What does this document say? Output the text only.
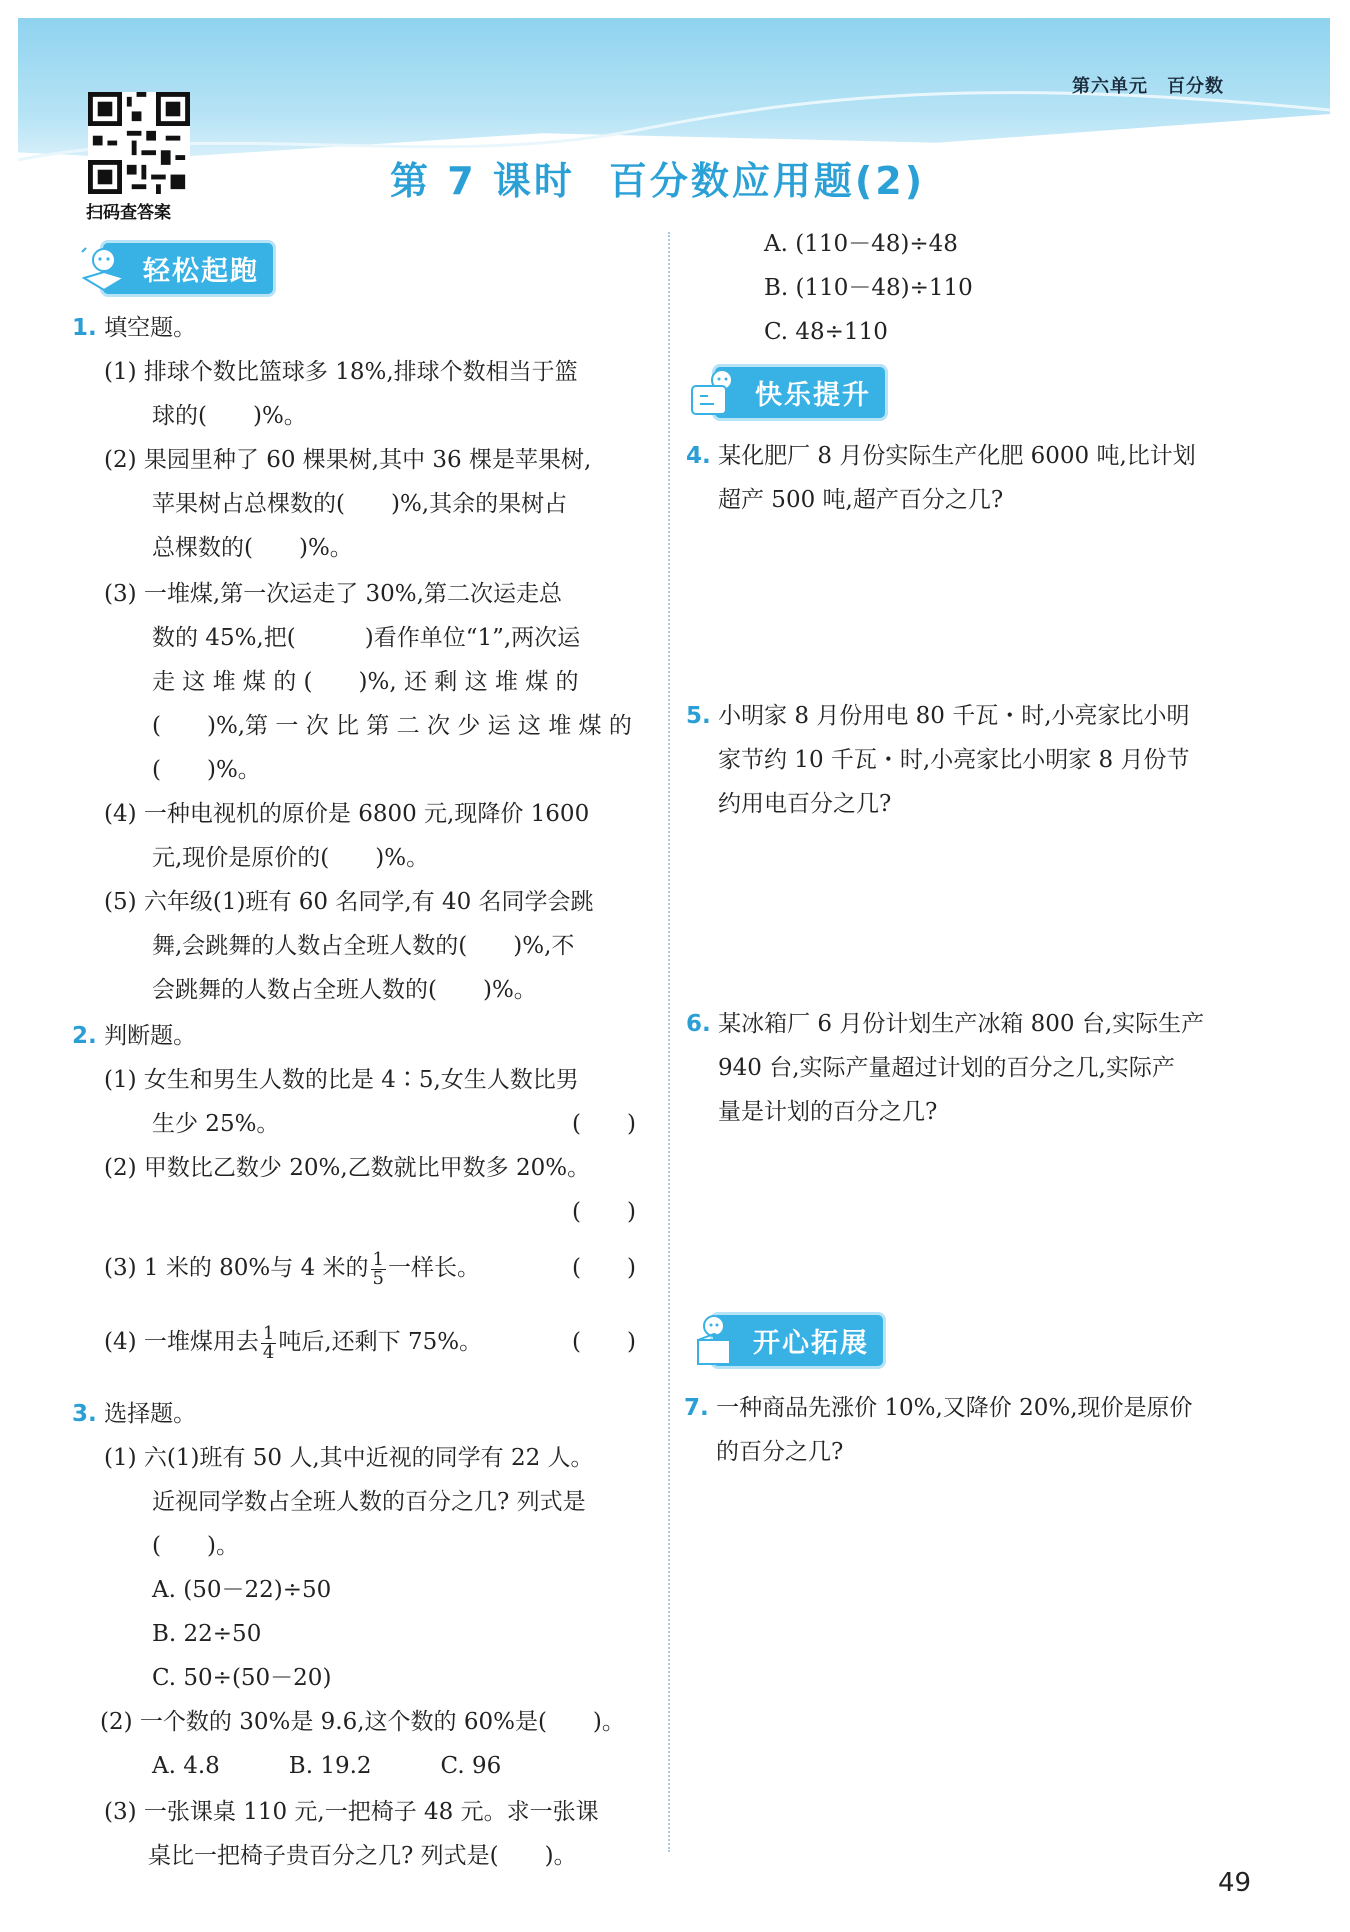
第六单元　百分数
扫码查答案
第 7 课时 百分数应用题(2)
轻松起跑
快乐提升
开心拓展
1. 填空题。
(1) 排球个数比篮球多 18%,排球个数相当于篮
球的(　　)%。
(2) 果园里种了 60 棵果树,其中 36 棵是苹果树,
苹果树占总棵数的(　　)%,其余的果树占
总棵数的(　　)%。
(3) 一堆煤,第一次运走了 30%,第二次运走总
数的 45%,把(　　　)看作单位“1”,两次运
走 这 堆 煤 的 (　　)%, 还 剩 这 堆 煤 的
(　　)%,第 一 次 比 第 二 次 少 运 这 堆 煤 的
(　　)%。
(4) 一种电视机的原价是 6800 元,现降价 1600
元,现价是原价的(　　)%。
(5) 六年级(1)班有 60 名同学,有 40 名同学会跳
舞,会跳舞的人数占全班人数的(　　)%,不
会跳舞的人数占全班人数的(　　)%。
2. 判断题。
(1) 女生和男生人数的比是 4∶5,女生人数比男
生少 25%。	(　　)
(2) 甲数比乙数少 20%,乙数就比甲数多 20%。
(　　)
(3) 1 米的 80%与 4 米的 $\frac{1}{5}$ 一样长。	(　　)
(4) 一堆煤用去 $\frac{1}{4}$ 吨后,还剩下 75%。	(　　)
3. 选择题。
(1) 六(1)班有 50 人,其中近视的同学有 22 人。
近视同学数占全班人数的百分之几? 列式是
(　　)。
A. (50－22)÷50
B. 22÷50
C. 50÷(50－20)
(2) 一个数的 30%是 9.6,这个数的 60%是(　　)。
A. 4.8　　　B. 19.2　　　C. 96
(3) 一张课桌 110 元,一把椅子 48 元。求一张课
桌比一把椅子贵百分之几? 列式是(　　)。
A. (110－48)÷48
B. (110－48)÷110
C. 48÷110
4. 某化肥厂 8 月份实际生产化肥 6000 吨,比计划
超产 500 吨,超产百分之几?
5. 小明家 8 月份用电 80 千瓦・时,小亮家比小明
家节约 10 千瓦・时,小亮家比小明家 8 月份节
约用电百分之几?
6. 某冰箱厂 6 月份计划生产冰箱 800 台,实际生产
940 台,实际产量超过计划的百分之几,实际产
量是计划的百分之几?
7. 一种商品先涨价 10%,又降价 20%,现价是原价
的百分之几?
49
